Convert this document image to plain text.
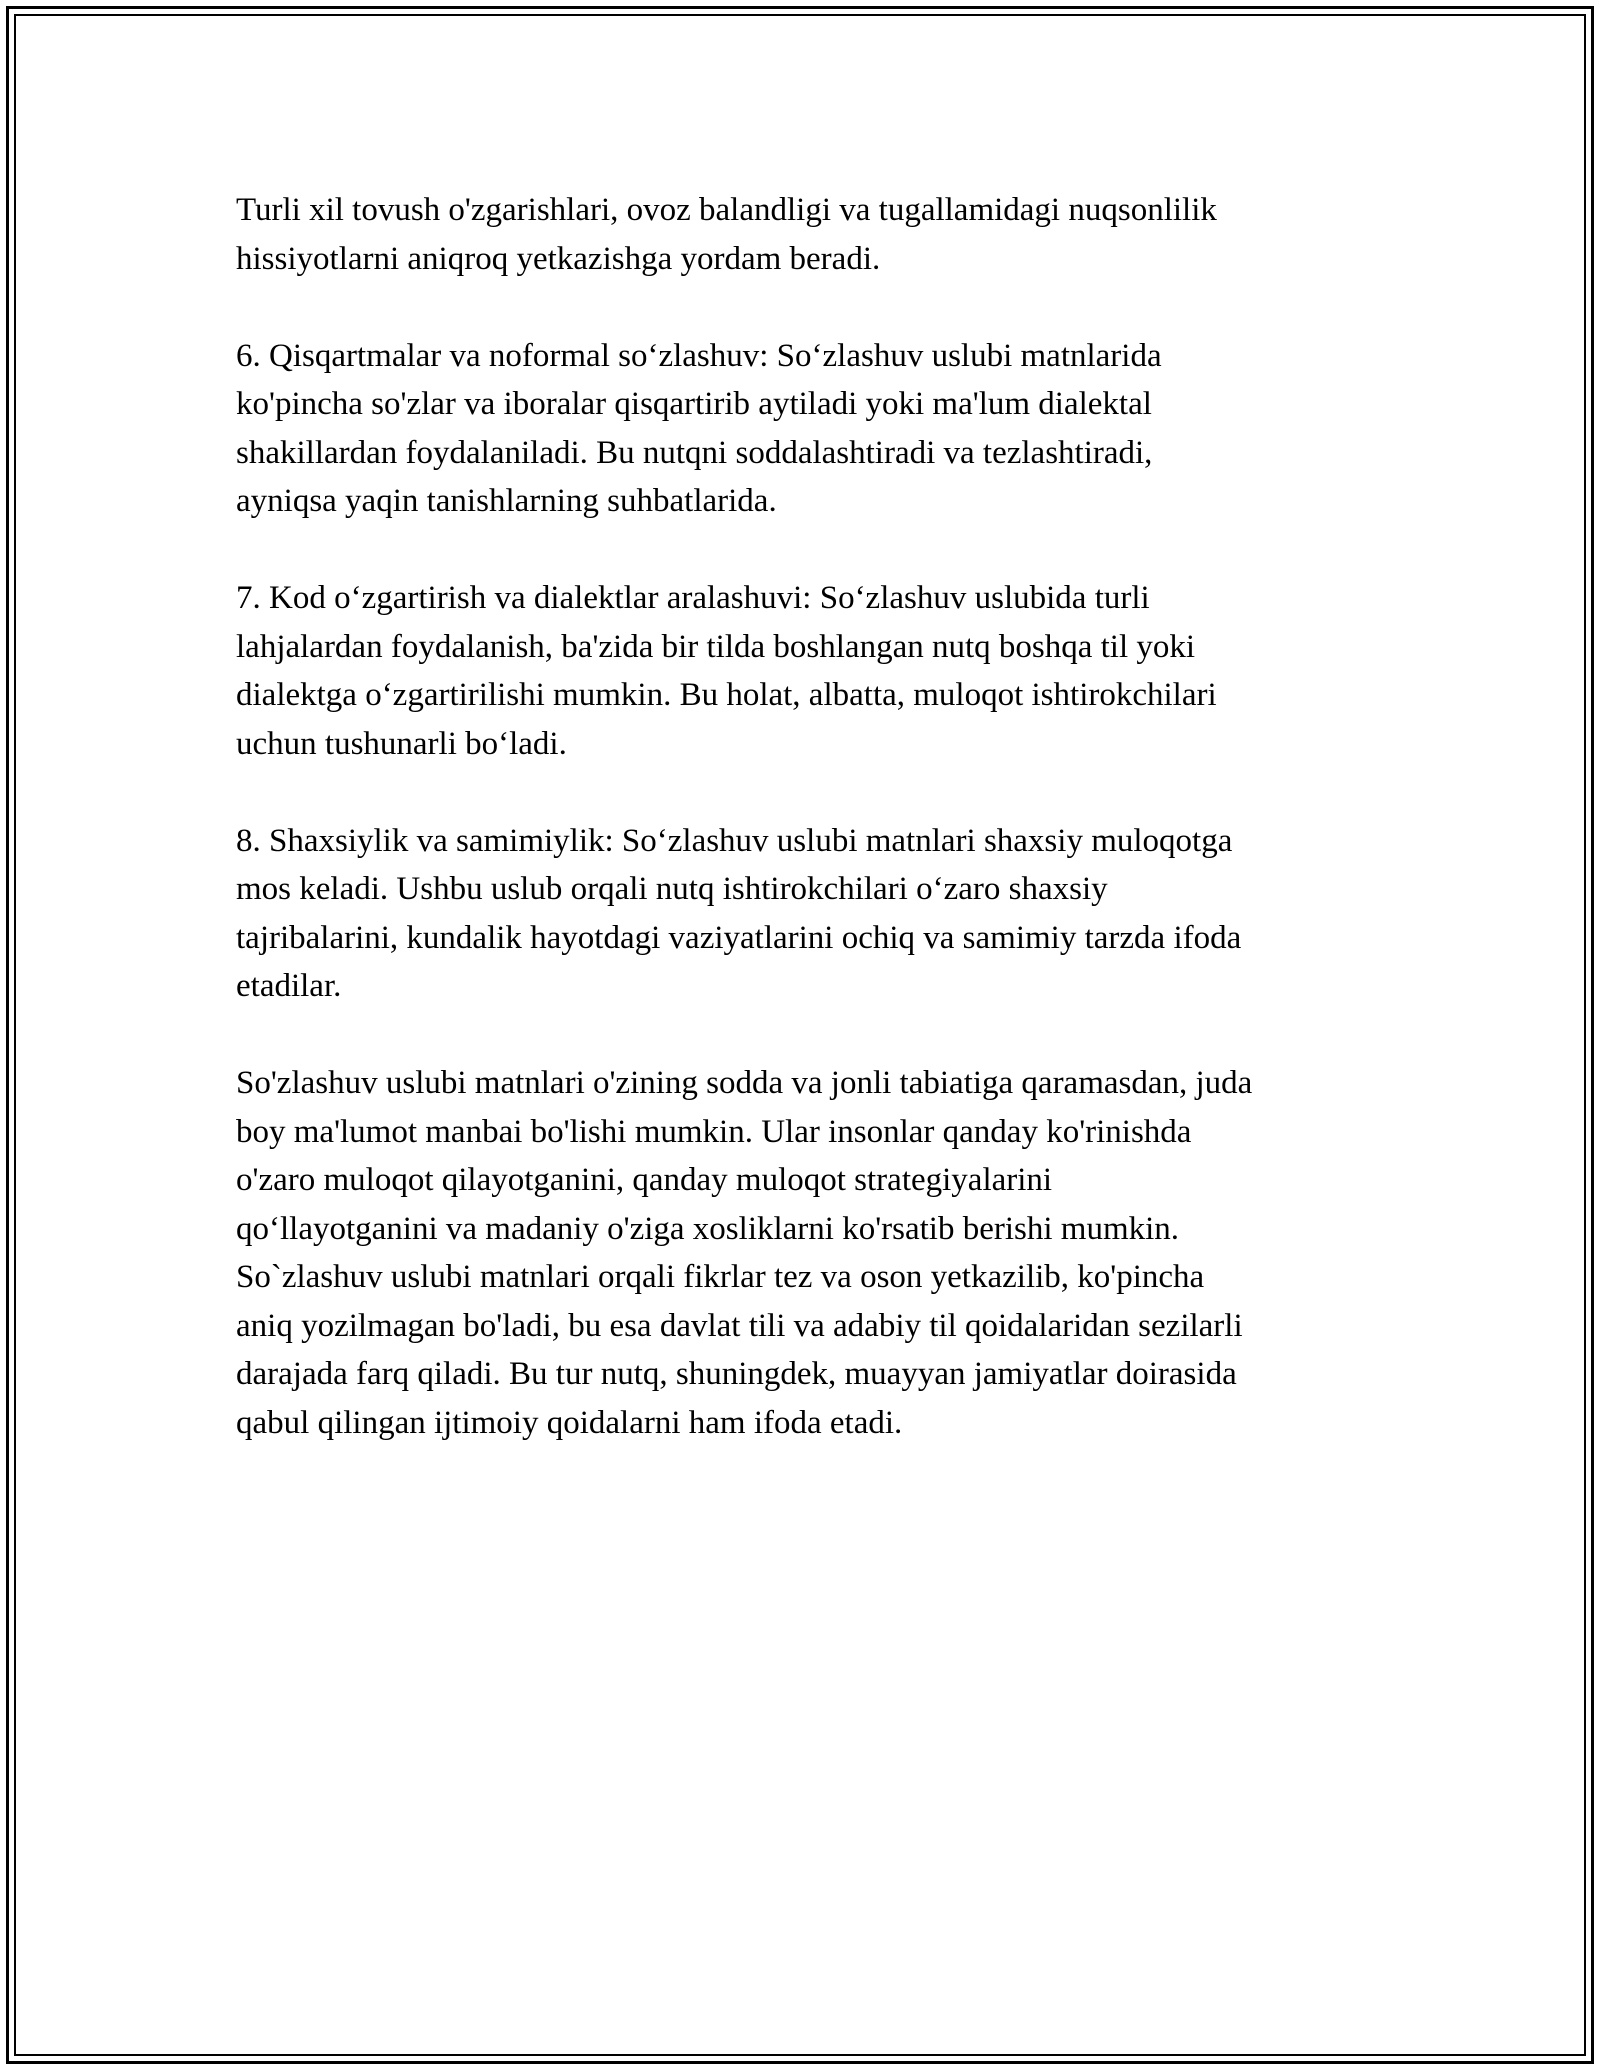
Turli xil tovush o'zgarishlari, ovoz balandligi va tugallamidagi nuqsonlilik
hissiyotlarni aniqroq yetkazishga yordam beradi.

6. Qisqartmalar va noformal so‘zlashuv: So‘zlashuv uslubi matnlarida
ko'pincha so'zlar va iboralar qisqartirib aytiladi yoki ma'lum dialektal
shakillardan foydalaniladi. Bu nutqni soddalashtiradi va tezlashtiradi,
ayniqsa yaqin tanishlarning suhbatlarida.

7. Kod o‘zgartirish va dialektlar aralashuvi: So‘zlashuv uslubida turli
lahjalardan foydalanish, ba'zida bir tilda boshlangan nutq boshqa til yoki
dialektga o‘zgartirilishi mumkin. Bu holat, albatta, muloqot ishtirokchilari
uchun tushunarli bo‘ladi.

8. Shaxsiylik va samimiylik: So‘zlashuv uslubi matnlari shaxsiy muloqotga
mos keladi. Ushbu uslub orqali nutq ishtirokchilari o‘zaro shaxsiy
tajribalarini, kundalik hayotdagi vaziyatlarini ochiq va samimiy tarzda ifoda
etadilar.

So'zlashuv uslubi matnlari o'zining sodda va jonli tabiatiga qaramasdan, juda
boy ma'lumot manbai bo'lishi mumkin. Ular insonlar qanday ko'rinishda
o'zaro muloqot qilayotganini, qanday muloqot strategiyalarini
qo‘llayotganini va madaniy o'ziga xosliklarni ko'rsatib berishi mumkin.
So`zlashuv uslubi matnlari orqali fikrlar tez va oson yetkazilib, ko'pincha
aniq yozilmagan bo'ladi, bu esa davlat tili va adabiy til qoidalaridan sezilarli
darajada farq qiladi. Bu tur nutq, shuningdek, muayyan jamiyatlar doirasida
qabul qilingan ijtimoiy qoidalarni ham ifoda etadi.
